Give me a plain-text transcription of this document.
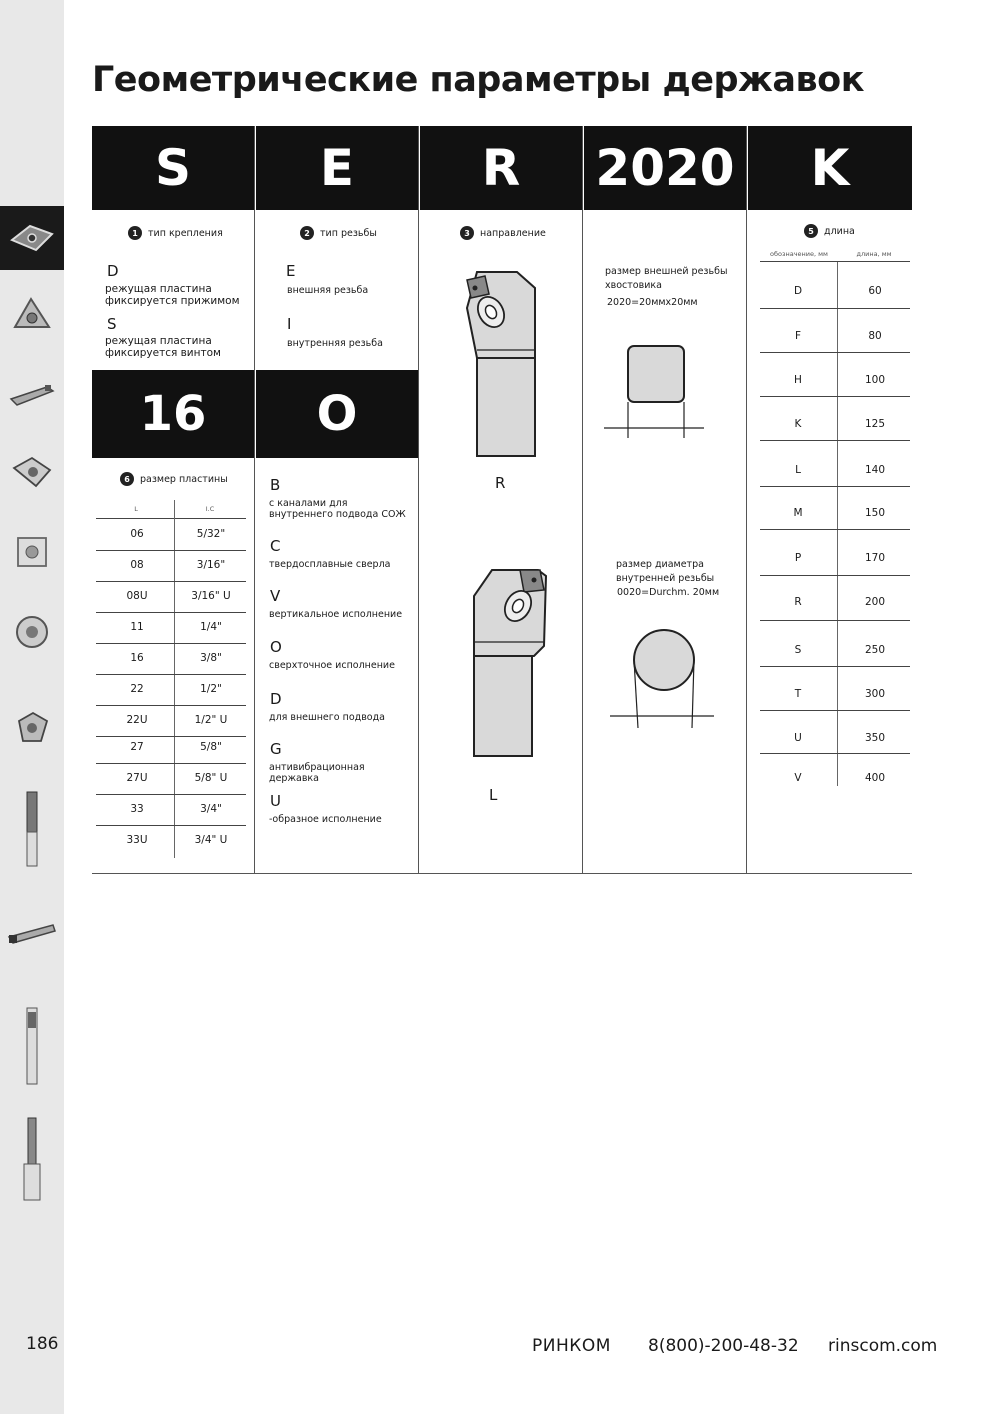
Геометрические параметры державок
S	E	R	2020	K
16	O
1	тип крепления
D
режущая пластина фиксируется прижимом
S
режущая пластина фиксируется винтом
2	тип резьбы
E
внешняя резьба
I
внутренняя резьба
3	направление
R
L
размер внешней резьбы
хвостовика
2020=20ммх20мм
размер диаметра
внутренней резьбы
0020=Durchm. 20мм
5	длина
обозначение, мм	длина, мм
D	60
F	80
H	100
K	125
L	140
M	150
P	170
R	200
S	250
T	300
U	350
V	400
6	размер пластины
L	I.C
06	5/32"
08	3/16"
08U	3/16" U
11	1/4"
16	3/8"
22	1/2"
22U	1/2" U
27	5/8"
27U	5/8" U
33	3/4"
33U	3/4" U
B
с каналами для внутреннего подвода СОЖ
C
твердосплавные сверла
V
вертикальное исполнение
O
сверхточное исполнение
D
для внешнего подвода
G
антивибрационная державка
U
-образное исполнение
186	РИНКОМ 8(800)-200-48-32 rinscom.com
